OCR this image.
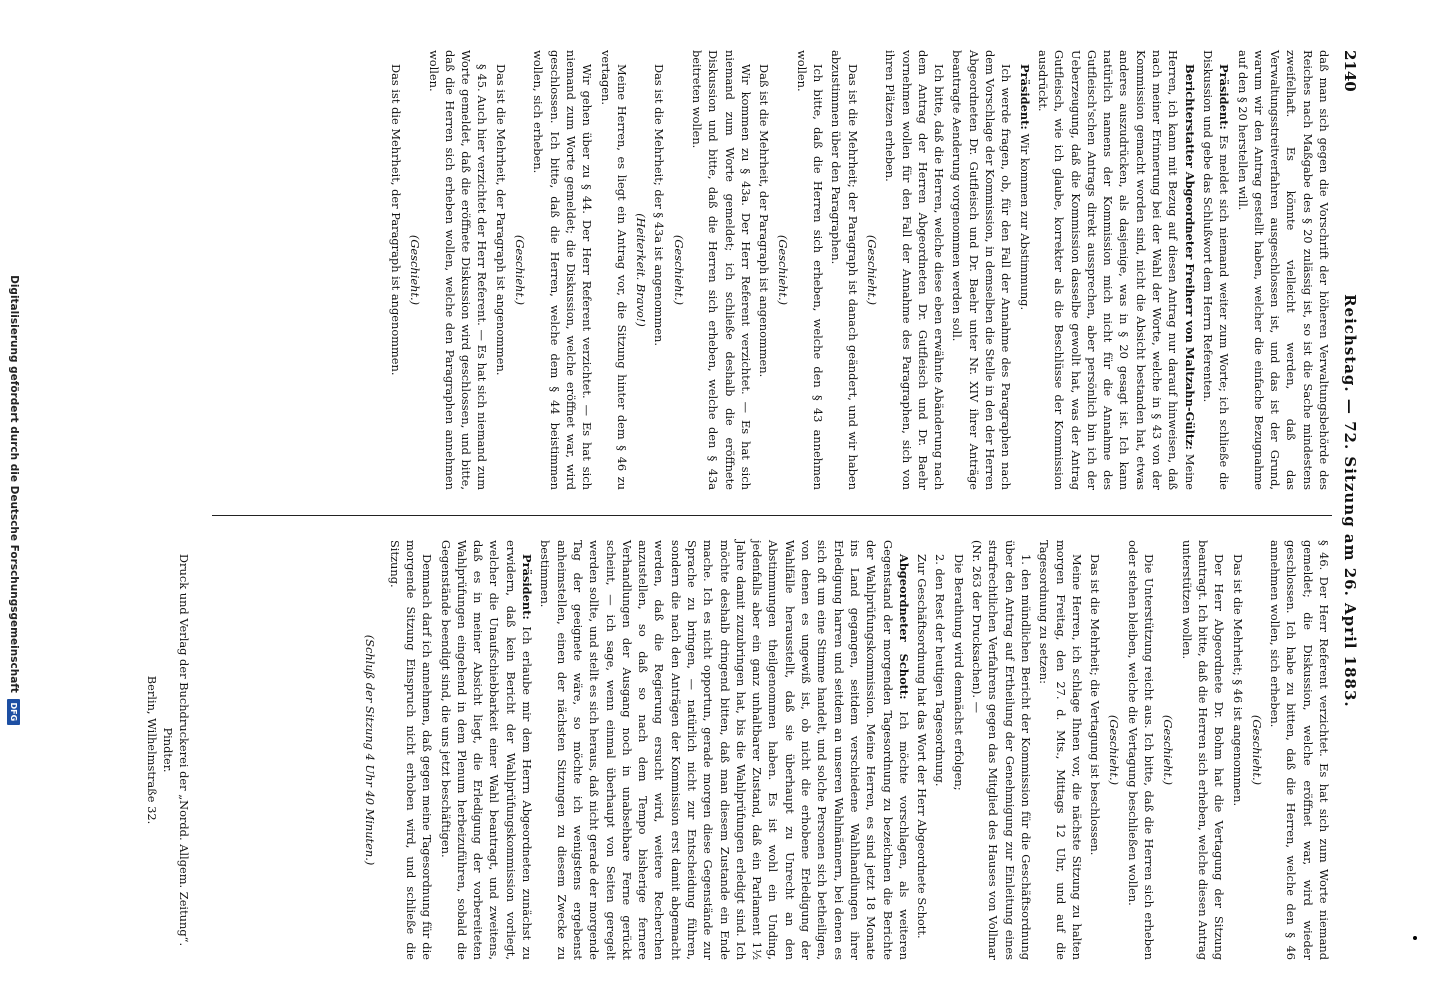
2140
Reichstag. — 72. Sitzung am 26. April 1883.

daß man sich gegen die Vorschrift der höheren Verwaltungsbehörde des Reiches nach Maßgabe des § 20 zulässig ist, so ist die Sache mindestens zweifelhaft. Es könnte vielleicht werden, daß das Verwaltungsstreitverfahren ausgeschlossen ist, und das ist der Grund, warum wir den Antrag gestellt haben, welcher die einfache Bezugnahme auf den § 20 herstellen will.

Präsident: Es meldet sich niemand weiter zum Worte; ich schließe die Diskussion und gebe das Schlußwort dem Herrn Referenten.

Berichterstatter Abgeordneter Freiherr von Maltzahn-Gültz: Meine Herren, ich kann mit Bezug auf diesen Antrag nur darauf hinweisen, daß nach meiner Erinnerung bei der Wahl der Worte, welche in § 43 von der Kommission gemacht worden sind, nicht die Absicht bestanden hat, etwas anderes auszudrücken, als dasjenige, was in § 20 gesagt ist. Ich kann natürlich namens der Kommission mich nicht für die Annahme des Gutfleisch'schen Antrags direkt aussprechen, aber persönlich bin ich der Ueberzeugung, daß die Kommission dasselbe gewollt hat, was der Antrag Gutfleisch, wie ich glaube, korrekter als die Beschlüsse der Kommission ausdrückt.

Präsident: Wir kommen zur Abstimmung.

Ich werde fragen, ob, für den Fall der Annahme des Paragraphen nach dem Vorschlage der Kommission, in demselben die Stelle in den der Herren Abgeordneten Dr. Gutfleisch und Dr. Baehr unter Nr. XIV ihrer Anträge beantragte Aenderung vorgenommen werden soll.

Ich bitte, daß die Herren, welche diese eben erwähnte Abänderung nach dem Antrag der Herren Abgeordneten Dr. Gutfleisch und Dr. Baehr vornehmen wollen für den Fall der Annahme des Paragraphen, sich von ihren Plätzen erheben.

(Geschieht.)

Das ist die Mehrheit; der Paragraph ist danach geändert, und wir haben abzustimmen über den Paragraphen.

Ich bitte, daß die Herren sich erheben, welche den § 43 annehmen wollen.

(Geschieht.)

Daß ist die Mehrheit, der Paragraph ist angenommen.

Wir kommen zu § 43a. Der Herr Referent verzichtet. — Es hat sich niemand zum Worte gemeldet; ich schließe deshalb die eröffnete Diskussion und bitte, daß die Herren sich erheben, welche den § 43a beitreten wollen.

(Geschieht.)

Das ist die Mehrheit; der § 43a ist angenommen.

(Heiterkeit. Bravo!)

Meine Herren, es liegt ein Antrag vor, die Sitzung hinter dem § 46 zu vertagen.

Wir gehen über zu § 44. Der Herr Referent verzichtet. — Es hat sich niemand zum Worte gemeldet; die Diskussion, welche eröffnet war, wird geschlossen. Ich bitte, daß die Herren, welche dem § 44 beistimmen wollen, sich erheben.

(Geschieht.)

Das ist die Mehrheit, der Paragraph ist angenommen.

§ 45. Auch hier verzichtet der Herr Referent. — Es hat sich niemand zum Worte gemeldet, daß die eröffnete Diskussion wird geschlossen, und bitte, daß die Herren sich erheben wollen, welche den Paragraphen annehmen wollen.

(Geschieht.)

Das ist die Mehrheit, der Paragraph ist angenommen.

§ 46. Der Herr Referent verzichtet. Es hat sich zum Worte niemand gemeldet; die Diskussion, welche eröffnet war, wird wieder geschlossen. Ich habe zu bitten, daß die Herren, welche den § 46 annehmen wollen, sich erheben.

(Geschieht.)

Das ist die Mehrheit; § 46 ist angenommen.

Der Herr Abgeordnete Dr. Bohm hat die Vertagung der Sitzung beantragt. Ich bitte, daß die Herren sich erheben, welche diesen Antrag unterstützen wollen.

(Geschieht.)

Die Unterstützung reicht aus. Ich bitte, daß die Herren sich erheben oder stehen bleiben, welche die Vertagung beschließen wollen.

(Geschieht.)

Das ist die Mehrheit; die Vertagung ist beschlossen.

Meine Herren, ich schlage Ihnen vor, die nächste Sitzung zu halten morgen Freitag, den 27. d. Mts., Mittags 12 Uhr, und auf die Tagesordnung zu setzen:

1. den mündlichen Bericht der Kommission für die Geschäftsordnung über den Antrag auf Ertheilung der Genehmigung zur Einleitung eines strafrechtlichen Verfahrens gegen das Mitglied des Hauses von Vollmar (Nr. 263 der Drucksachen). —

Die Berathung wird demnächst erfolgen;

2. den Rest der heutigen Tagesordnung.

Zur Geschäftsordnung hat das Wort der Herr Abgeordnete Schott.

Abgeordneter Schott: Ich möchte vorschlagen, als weiteren Gegenstand der morgenden Tagesordnung zu bezeichnen die Berichte der Wahlprüfungskommission. Meine Herren, es sind jetzt 18 Monate ins Land gegangen, seitdem verschiedene Wahlhandlungen ihrer Erledigung harren und seitdem an unseren Wahlmännern, bei denen es sich oft um eine Stimme handelt, und solche Personen sich betheiligen, von denen es ungewiß ist, ob nicht die erhobene Erledigung der Wahlfälle herausstellt, daß sie überhaupt zu Unrecht an den Abstimmungen theilgenommen haben. Es ist wohl ein Unding, jedenfalls aber ein ganz unhaltbarer Zustand, daß ein Parlament 1½ Jahre damit zuzubringen hat, bis die Wahlprüfungen erledigt sind. Ich möchte deshalb dringend bitten, daß man diesem Zustande ein Ende mache. Ich es nicht opportun, gerade morgen diese Gegenstände zur Sprache zu bringen, — natürlich nicht zur Entscheidung führen, sondern die nach den Anträgen der Kommission erst damit abgemacht werden, daß die Regierung ersucht wird, weitere Recherchen anzustellen, so daß so nach dem Tempo bisherige fernere Verhandlungen der Ausgang noch in unabsehbare Ferne gerückt scheint, — ich sage, wenn einmal überhaupt von Seiten geregelt werden sollte, und stellt es sich heraus, daß nicht gerade der morgende Tag der geeignete wäre, so möchte ich wenigstens ergebenst anheimstellen, einen der nächsten Sitzungen zu diesem Zwecke zu bestimmen.

Präsident: Ich erlaube mir dem Herrn Abgeordneten zunächst zu erwidern, daß kein Bericht der Wahlprüfungskommission vorliegt, welcher die Unaufschiebbarkeit einer Wahl beantragt, und zweitens, daß es in meiner Absicht liegt, die Erledigung der vorbereiteten Wahlprüfungen eingehend in dem Plenum herbeizuführen, sobald die Gegenstände beendigt sind, die uns jetzt beschäftigen.

Demnach darf ich annehmen, daß gegen meine Tagesordnung für die morgende Sitzung Einspruch nicht erhoben wird, und schließe die Sitzung.

(Schluß der Sitzung 4 Uhr 40 Minuten.)

Druck und Verlag der Buchdruckerei der „Nordd. Allgem. Zeitung“. Pindter.
Berlin, Wilhelmstraße 32.
Digitalisierung gefördert durch die Deutsche Forschungsgemeinschaft
DFG
